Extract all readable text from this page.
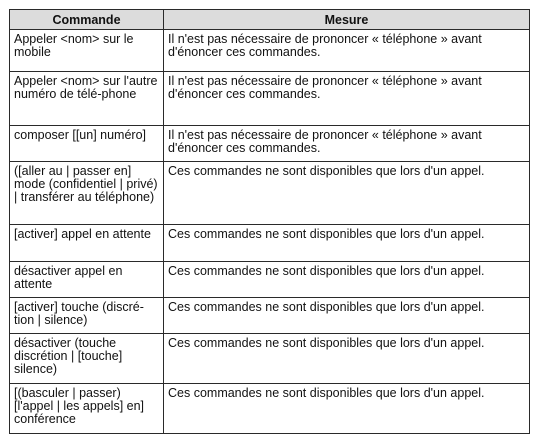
Commande	Mesure
Appeler <nom> sur le mobile	Il n'est pas nécessaire de prononcer « téléphone » avant d'énoncer ces commandes.
Appeler <nom> sur l'autre numéro de télé-phone	Il n'est pas nécessaire de prononcer « téléphone » avant d'énoncer ces commandes.
composer [[un] numéro]	Il n'est pas nécessaire de prononcer « téléphone » avant d'énoncer ces commandes.
([aller au | passer en] mode (confidentiel | privé) | transférer au téléphone)	Ces commandes ne sont disponibles que lors d'un appel.
[activer] appel en attente	Ces commandes ne sont disponibles que lors d'un appel.
désactiver appel en attente	Ces commandes ne sont disponibles que lors d'un appel.
[activer] touche (discré-tion | silence)	Ces commandes ne sont disponibles que lors d'un appel.
désactiver (touche discrétion | [touche] silence)	Ces commandes ne sont disponibles que lors d'un appel.
[(basculer | passer) [l'appel | les appels] en] conférence	Ces commandes ne sont disponibles que lors d'un appel.
